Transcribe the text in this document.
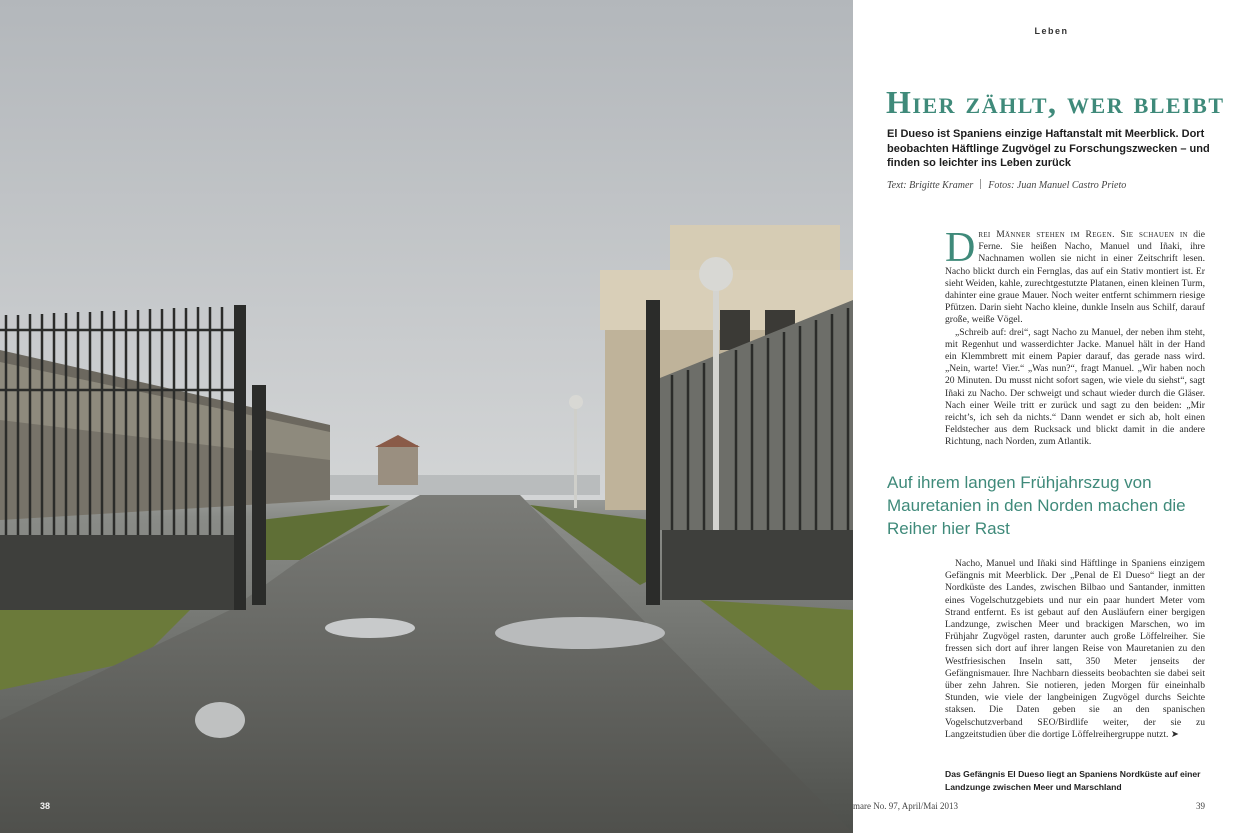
38
Leben
Hier zählt, wer bleibt

El Dueso ist Spaniens einzige Haftanstalt mit Meerblick. Dort beobachten Häftlinge Zugvögel zu Forschungszwecken – und finden so leichter ins Leben zurück

Text: Brigitte Kramer Fotos: Juan Manuel Castro Prieto

Drei Männer stehen im Regen. Sie schauen in die Ferne. Sie heißen Nacho, Manuel und Iñaki, ihre Nachnamen wollen sie nicht in einer Zeitschrift lesen. Nacho blickt durch ein Fernglas, das auf ein Stativ montiert ist. Er sieht Weiden, kahle, zurechtgestutzte Platanen, einen kleinen Turm, dahinter eine graue Mauer. Noch weiter entfernt schimmern riesige Pfützen. Darin sieht Nacho kleine, dunkle Inseln aus Schilf, darauf große, weiße Vögel.

„Schreib auf: drei“, sagt Nacho zu Manuel, der neben ihm steht, mit Regenhut und wasserdichter Jacke. Manuel hält in der Hand ein Klemmbrett mit einem Papier darauf, das gerade nass wird. „Nein, warte! Vier.“ „Was nun?“, fragt Manuel. „Wir haben noch 20 Minuten. Du musst nicht sofort sagen, wie viele du siehst“, sagt Iñaki zu Nacho. Der schweigt und schaut wieder durch die Gläser. Nach einer Weile tritt er zurück und sagt zu den beiden: „Mir reicht’s, ich seh da nichts.“ Dann wendet er sich ab, holt einen Feldstecher aus dem Rucksack und blickt damit in die andere Richtung, nach Norden, zum Atlantik.

Auf ihrem langen Frühjahrszug von Mauretanien in den Norden machen die Reiher hier Rast

Nacho, Manuel und Iñaki sind Häftlinge in Spaniens einzigem Gefängnis mit Meerblick. Der „Penal de El Dueso“ liegt an der Nordküste des Landes, zwischen Bilbao und Santander, inmitten eines Vogelschutzgebiets und nur ein paar hundert Meter vom Strand entfernt. Es ist gebaut auf den Ausläufern einer bergigen Landzunge, zwischen Meer und brackigen Marschen, wo im Frühjahr Zugvögel rasten, darunter auch große Löffelreiher. Sie fressen sich dort auf ihrer langen Reise von Mauretanien zu den Westfriesischen Inseln satt, 350 Meter jenseits der Gefängnismauer. Ihre Nachbarn diesseits beobachten sie dabei seit über zehn Jahren. Sie notieren, jeden Morgen für eineinhalb Stunden, wie viele der langbeinigen Zugvögel durchs Seichte staksen. Die Daten geben sie an den spanischen Vogelschutzverband SEO/Birdlife weiter, der sie zu Langzeitstudien über die dortige Löffelreihergruppe nutzt. ➤

Das Gefängnis El Dueso liegt an Spaniens Nordküste auf einer Landzunge zwischen Meer und Marschland
mare No. 97, April/Mai 2013	39
